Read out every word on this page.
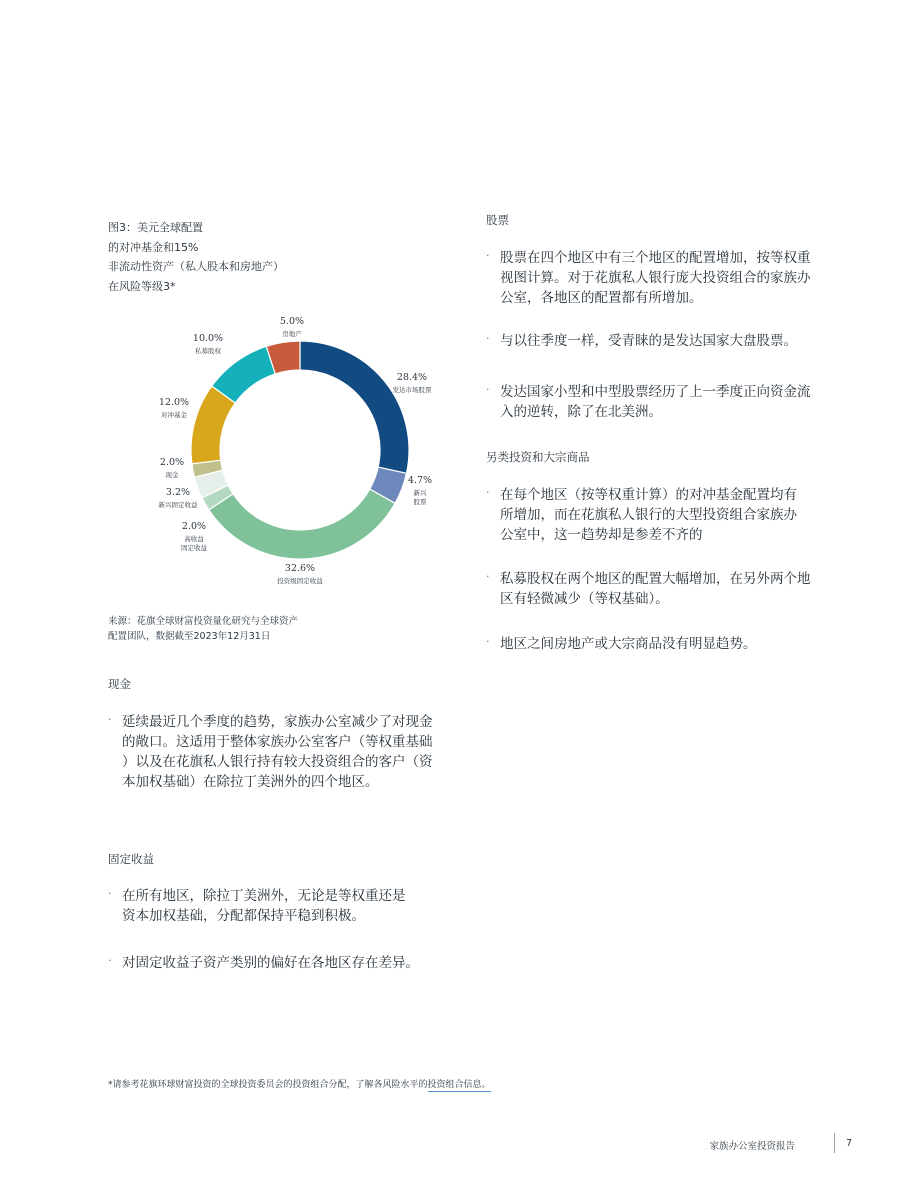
图3：美元全球配置
的对冲基金和15%
非流动性资产（私人股本和房地产）
在风险等级3*
28.4%
发达市场股票
4.7%
新兴
股票
32.6%
投资级固定收益
2.0%
高收益
固定收益
3.2%
新兴固定收益
2.0%
现金
12.0%
对冲基金
10.0%
私募股权
5.0%
房地产
来源：花旗全球财富投资量化研究与全球资产
配置团队，数据截至2023年12月31日
现金
· 延续最近几个季度的趋势，家族办公室减少了对现金
的敞口。这适用于整体家族办公室客户（等权重基础
）以及在花旗私人银行持有较大投资组合的客户（资
本加权基础）在除拉丁美洲外的四个地区。
固定收益
· 在所有地区，除拉丁美洲外，无论是等权重还是
资本加权基础，分配都保持平稳到积极。
· 对固定收益子资产类别的偏好在各地区存在差异。
股票
· 股票在四个地区中有三个地区的配置增加，按等权重
视图计算。对于花旗私人银行庞大投资组合的家族办
公室，各地区的配置都有所增加。
· 与以往季度一样，受青睐的是发达国家大盘股票。
· 发达国家小型和中型股票经历了上一季度正向资金流
入的逆转，除了在北美洲。
另类投资和大宗商品
· 在每个地区（按等权重计算）的对冲基金配置均有
所增加，而在花旗私人银行的大型投资组合家族办
公室中，这一趋势却是参差不齐的
· 私募股权在两个地区的配置大幅增加，在另外两个地
区有轻微减少（等权基础）。
· 地区之间房地产或大宗商品没有明显趋势。
*请参考花旗环球财富投资的全球投资委员会的投资组合分配，了解各风险水平的投资组合信息。
家族办公室投资报告	7
